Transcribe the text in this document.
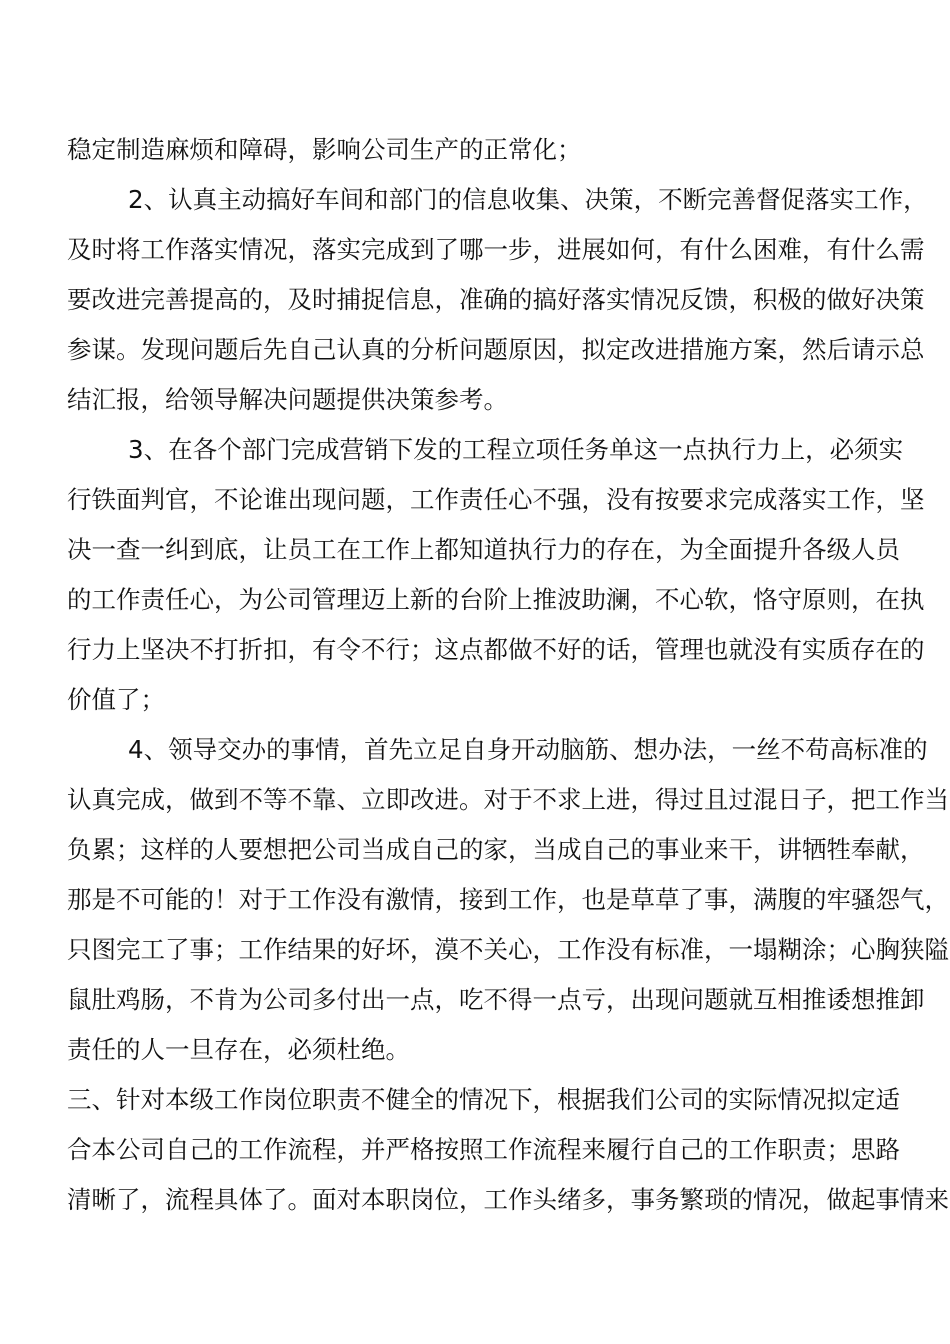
稳定制造麻烦和障碍，影响公司生产的正常化；
2、认真主动搞好车间和部门的信息收集、决策，不断完善督促落实工作，
及时将工作落实情况，落实完成到了哪一步，进展如何，有什么困难，有什么需
要改进完善提高的，及时捕捉信息，准确的搞好落实情况反馈，积极的做好决策
参谋。发现问题后先自己认真的分析问题原因，拟定改进措施方案，然后请示总
结汇报，给领导解决问题提供决策参考。
3、在各个部门完成营销下发的工程立项任务单这一点执行力上，必须实
行铁面判官，不论谁出现问题，工作责任心不强，没有按要求完成落实工作，坚
决一查一纠到底，让员工在工作上都知道执行力的存在，为全面提升各级人员
的工作责任心，为公司管理迈上新的台阶上推波助澜，不心软，恪守原则，在执
行力上坚决不打折扣，有令不行；这点都做不好的话，管理也就没有实质存在的
价值了；
4、领导交办的事情，首先立足自身开动脑筋、想办法，一丝不苟高标准的
认真完成，做到不等不靠、立即改进。对于不求上进，得过且过混日子，把工作当
负累；这样的人要想把公司当成自己的家，当成自己的事业来干，讲牺牲奉献，
那是不可能的！对于工作没有激情，接到工作，也是草草了事，满腹的牢骚怨气，
只图完工了事；工作结果的好坏，漠不关心，工作没有标准，一塌糊涂；心胸狭隘
鼠肚鸡肠，不肯为公司多付出一点，吃不得一点亏，出现问题就互相推诿想推卸
责任的人一旦存在，必须杜绝。
三、针对本级工作岗位职责不健全的情况下，根据我们公司的实际情况拟定适
合本公司自己的工作流程，并严格按照工作流程来履行自己的工作职责；思路
清晰了，流程具体了。面对本职岗位，工作头绪多，事务繁琐的情况，做起事情来
